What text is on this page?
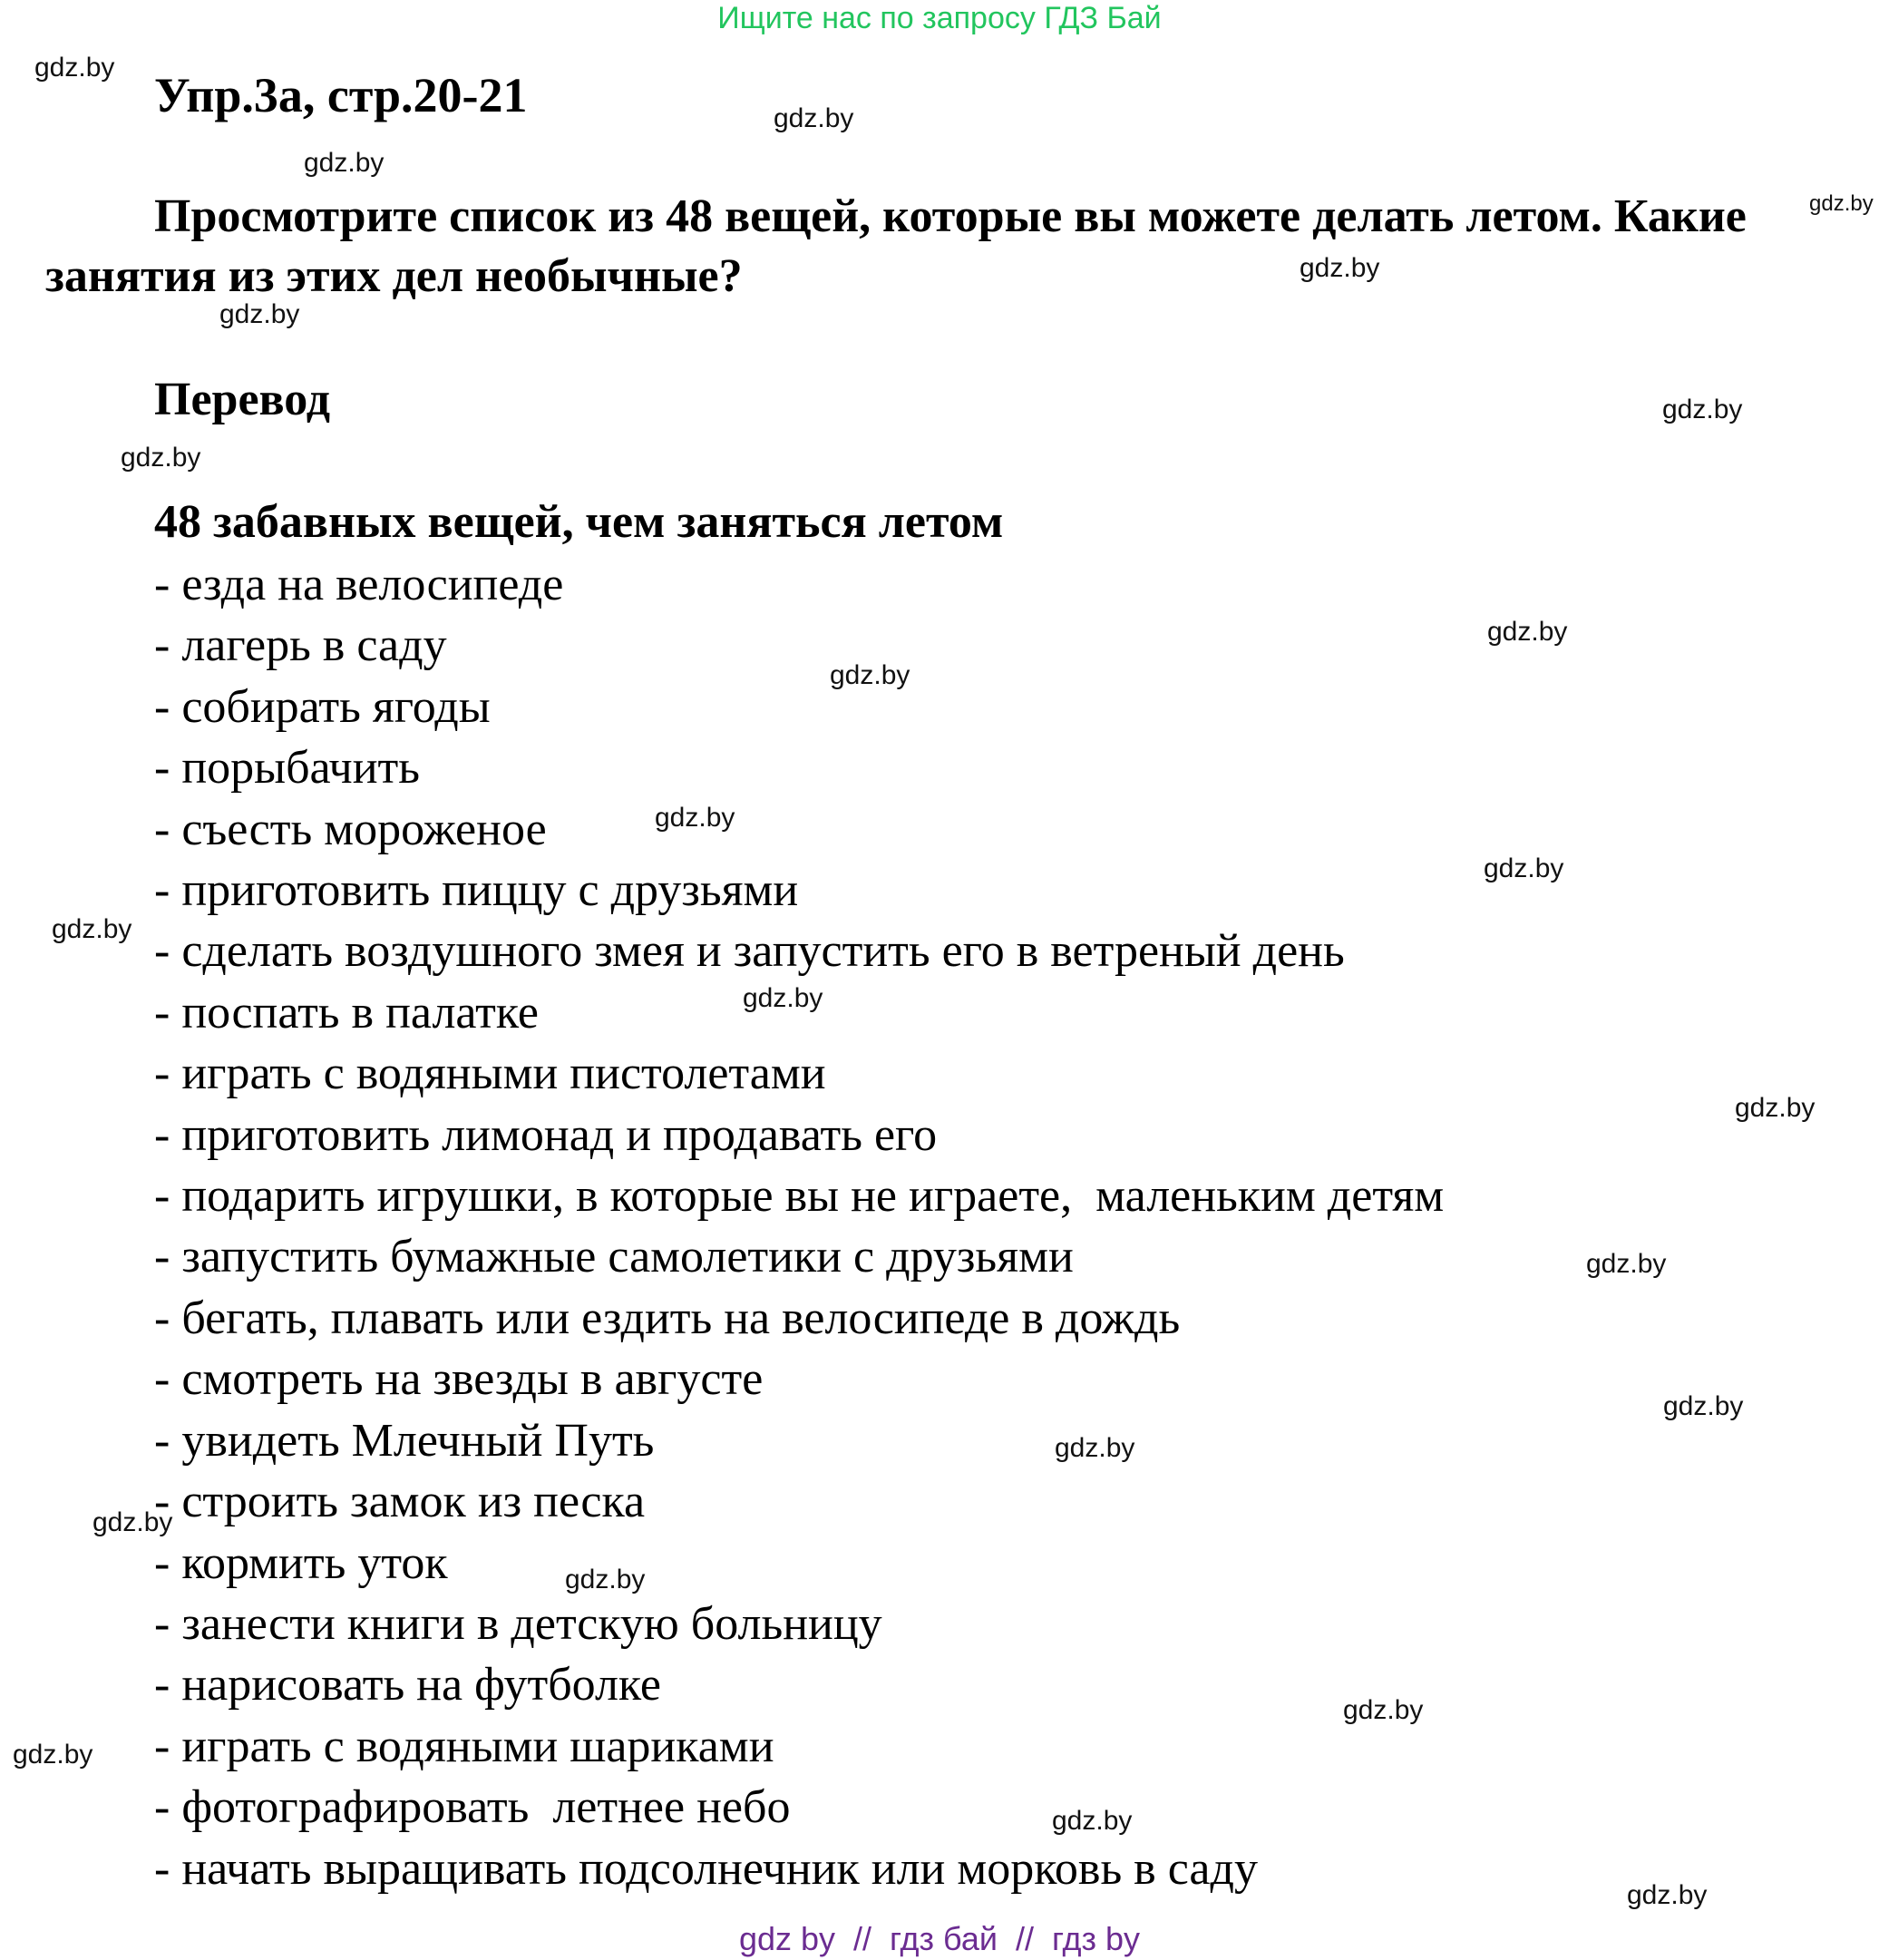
Ищите нас по запросу ГДЗ Бай
Упр.3а, стр.20-21

Просмотрите список из 48 вещей, которые вы можете делать летом. Какие занятия из этих дел необычные?

Перевод
48 забавных вещей, чем заняться летом
- езда на велосипеде
- лагерь в саду
- собирать ягоды
- порыбачить
- съесть мороженое
- приготовить пиццу с друзьями
- сделать воздушного змея и запустить его в ветреный день
- поспать в палатке
- играть с водяными пистолетами
- приготовить лимонад и продавать его
- подарить игрушки, в которые вы не играете,  маленьким детям
- запустить бумажные самолетики с друзьями
- бегать, плавать или ездить на велосипеде в дождь
- смотреть на звезды в августе
- увидеть Млечный Путь
- строить замок из песка
- кормить уток
- занести книги в детскую больницу
- нарисовать на футболке
- играть с водяными шариками
- фотографировать  летнее небо
- начать выращивать подсолнечник или морковь в саду
gdz.by
gdz.by
gdz.by
gdz.by
gdz.by
gdz.by
gdz.by
gdz.by
gdz.by
gdz.by
gdz.by
gdz.by
gdz.by
gdz.by
gdz.by
gdz.by
gdz.by
gdz.by
gdz.by
gdz.by
gdz.by
gdz.by
gdz.by
gdz.by
gdz by  //  гдз бай  //  гдз by
